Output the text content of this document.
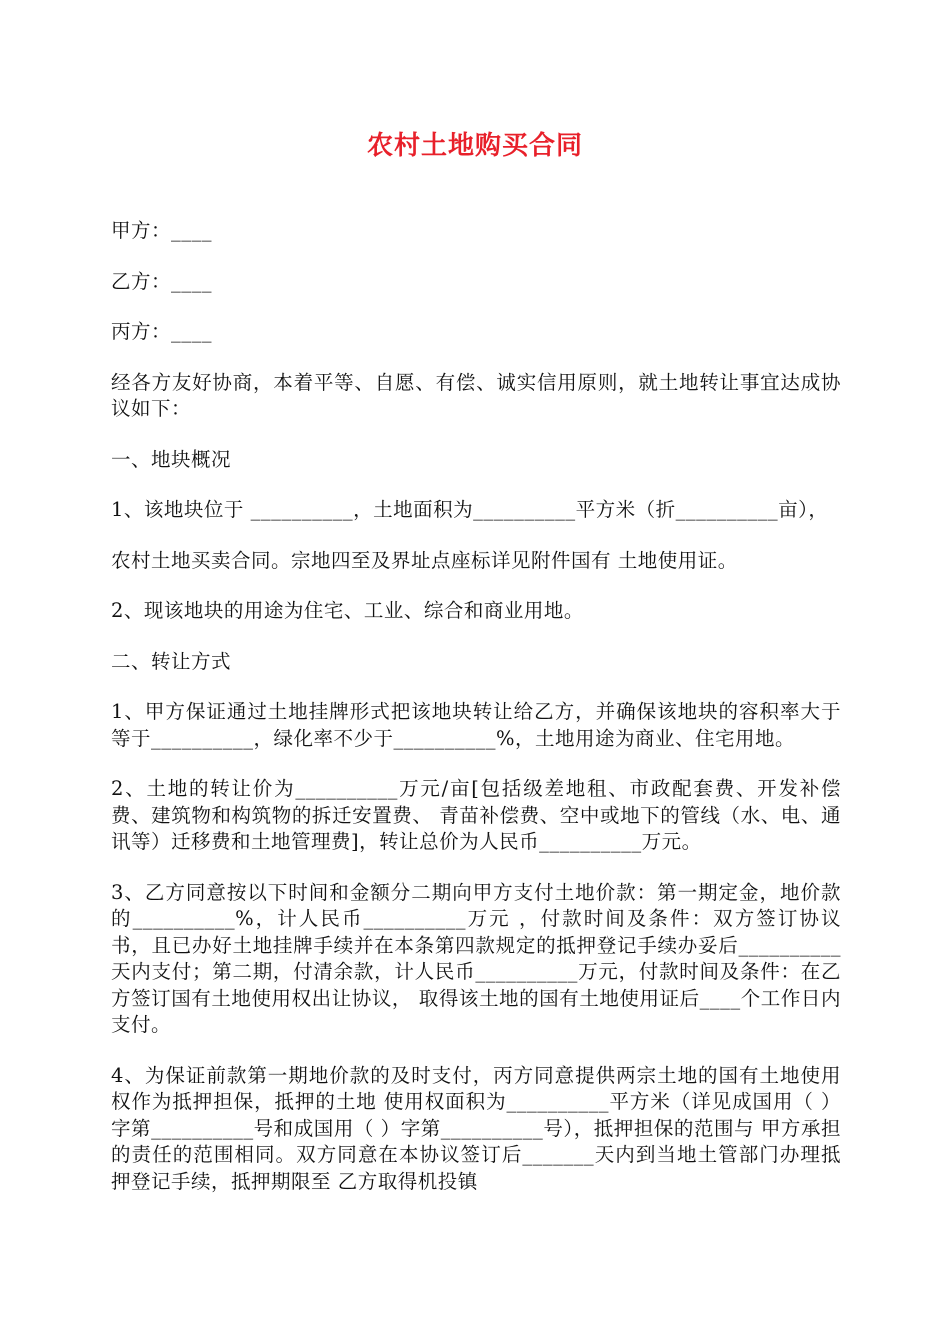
农村土地购买合同

甲方：____

乙方：____

丙方：____

经各方友好协商，本着平等、自愿、有偿、诚实信用原则，就土地转让事宜达成协议如下：

一、地块概况

1、该地块位于 __________，土地面积为__________平方米（折__________亩），

农村土地买卖合同。宗地四至及界址点座标详见附件国有 土地使用证。

2、现该地块的用途为住宅、工业、综合和商业用地。

二、转让方式

1、甲方保证通过土地挂牌形式把该地块转让给乙方，并确保该地块的容积率大于等于__________，绿化率不少于__________%，土地用途为商业、住宅用地。

2、土地的转让价为__________万元/亩[包括级差地租、市政配套费、开发补偿费、建筑物和构筑物的拆迁安置费、 青苗补偿费、空中或地下的管线（水、电、通讯等）迁移费和土地管理费]，转让总价为人民币__________万元。

3、乙方同意按以下时间和金额分二期向甲方支付土地价款：第一期定金，地价款的__________%，计人民币__________万元 ，付款时间及条件：双方签订协议书，且已办好土地挂牌手续并在本条第四款规定的抵押登记手续办妥后__________天内支付；第二期，付清余款，计人民币__________万元，付款时间及条件：在乙方签订国有土地使用权出让协议， 取得该土地的国有土地使用证后____个工作日内支付。

4、为保证前款第一期地价款的及时支付，丙方同意提供两宗土地的国有土地使用权作为抵押担保，抵押的土地 使用权面积为__________平方米（详见成国用（ ）字第__________号和成国用（ ）字第__________号），抵押担保的范围与 甲方承担的责任的范围相同。双方同意在本协议签订后_______天内到当地土管部门办理抵押登记手续，抵押期限至 乙方取得机投镇
